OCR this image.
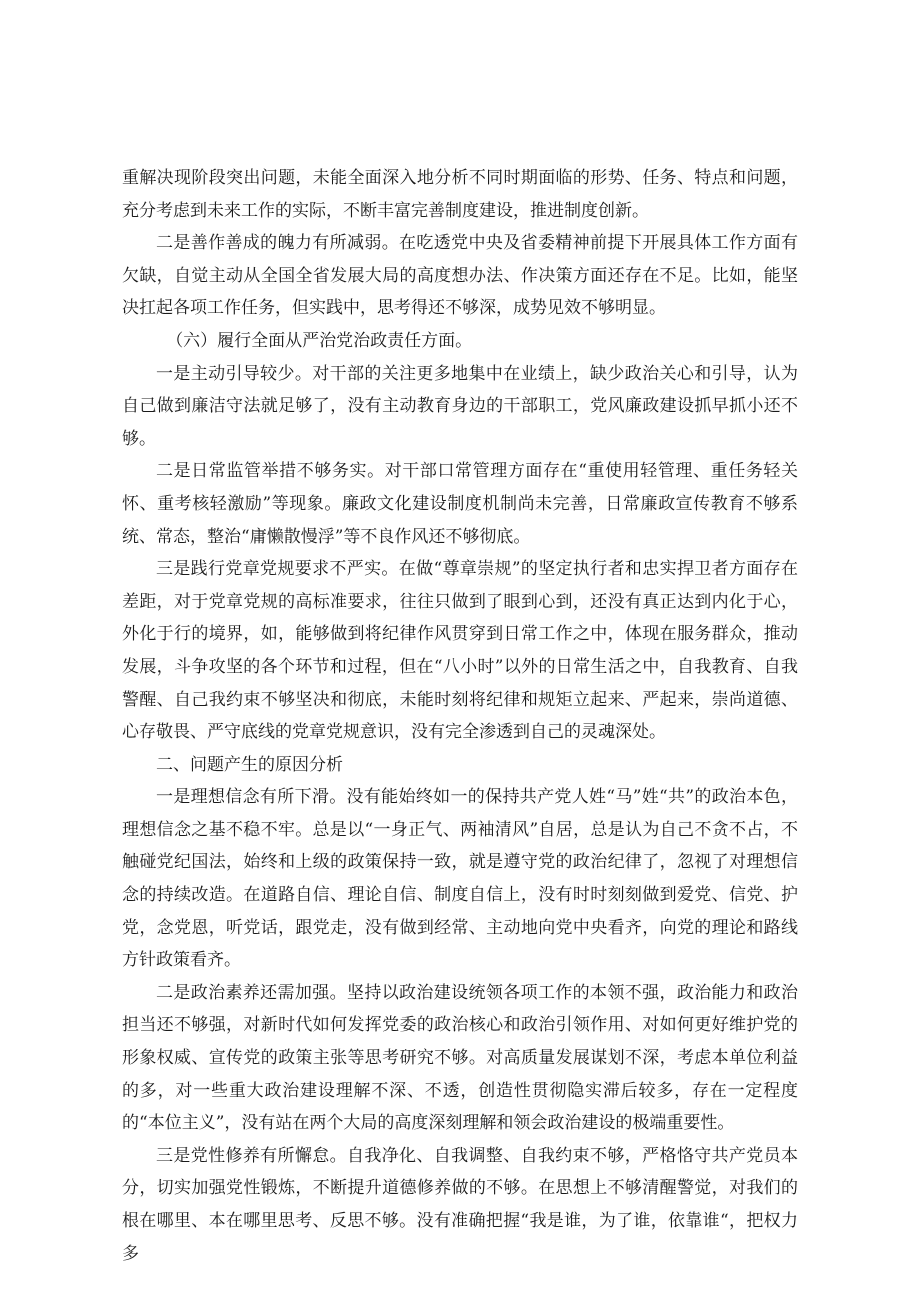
重解决现阶段突出问题，未能全面深入地分析不同时期面临的形势、任务、特点和问题，充分考虑到未来工作的实际，不断丰富完善制度建设，推进制度创新。

二是善作善成的魄力有所减弱。在吃透党中央及省委精神前提下开展具体工作方面有欠缺，自觉主动从全国全省发展大局的高度想办法、作决策方面还存在不足。比如，能坚决扛起各项工作任务，但实践中，思考得还不够深，成势见效不够明显。

（六）履行全面从严治党治政责任方面。

一是主动引导较少。对干部的关注更多地集中在业绩上，缺少政治关心和引导，认为自己做到廉洁守法就足够了，没有主动教育身边的干部职工，党风廉政建设抓早抓小还不够。

二是日常监管举措不够务实。对干部口常管理方面存在“重使用轻管理、重任务轻关怀、重考核轻激励”等现象。廉政文化建设制度机制尚未完善，日常廉政宣传教育不够系统、常态，整治“庸懒散慢浮”等不良作风还不够彻底。

三是践行党章党规要求不严实。在做“尊章崇规”的坚定执行者和忠实捍卫者方面存在差距，对于党章党规的高标准要求，往往只做到了眼到心到，还没有真正达到内化于心，外化于行的境界，如，能够做到将纪律作风贯穿到日常工作之中，体现在服务群众，推动发展，斗争攻坚的各个环节和过程，但在“八小时”以外的日常生活之中，自我教育、自我警醒、自己我约束不够坚决和彻底，未能时刻将纪律和规矩立起来、严起来，崇尚道德、心存敬畏、严守底线的党章党规意识，没有完全渗透到自己的灵魂深处。

二、问题产生的原因分析

一是理想信念有所下滑。没有能始终如一的保持共产党人姓“马”姓“共”的政治本色，理想信念之基不稳不牢。总是以“一身正气、两袖清风”自居，总是认为自己不贪不占，不触碰党纪国法，始终和上级的政策保持一致，就是遵守党的政治纪律了，忽视了对理想信念的持续改造。在道路自信、理论自信、制度自信上，没有时时刻刻做到爱党、信党、护党，念党恩，听党话，跟党走，没有做到经常、主动地向党中央看齐，向党的理论和路线方针政策看齐。

二是政治素养还需加强。坚持以政治建设统领各项工作的本领不强，政治能力和政治担当还不够强，对新时代如何发挥党委的政治核心和政治引领作用、对如何更好维护党的形象权威、宣传党的政策主张等思考研究不够。对高质量发展谋划不深，考虑本单位利益的多，对一些重大政治建设理解不深、不透，创造性贯彻隐实滞后较多，存在一定程度的“本位主义”，没有站在两个大局的高度深刻理解和领会政治建设的极端重要性。

三是党性修养有所懈怠。自我净化、自我调整、自我约束不够，严格恪守共产党员本分，切实加强党性锻炼，不断提升道德修养做的不够。在思想上不够清醒警觉，对我们的根在哪里、本在哪里思考、反思不够。没有准确把握“我是谁，为了谁，依靠谁“，把权力多
